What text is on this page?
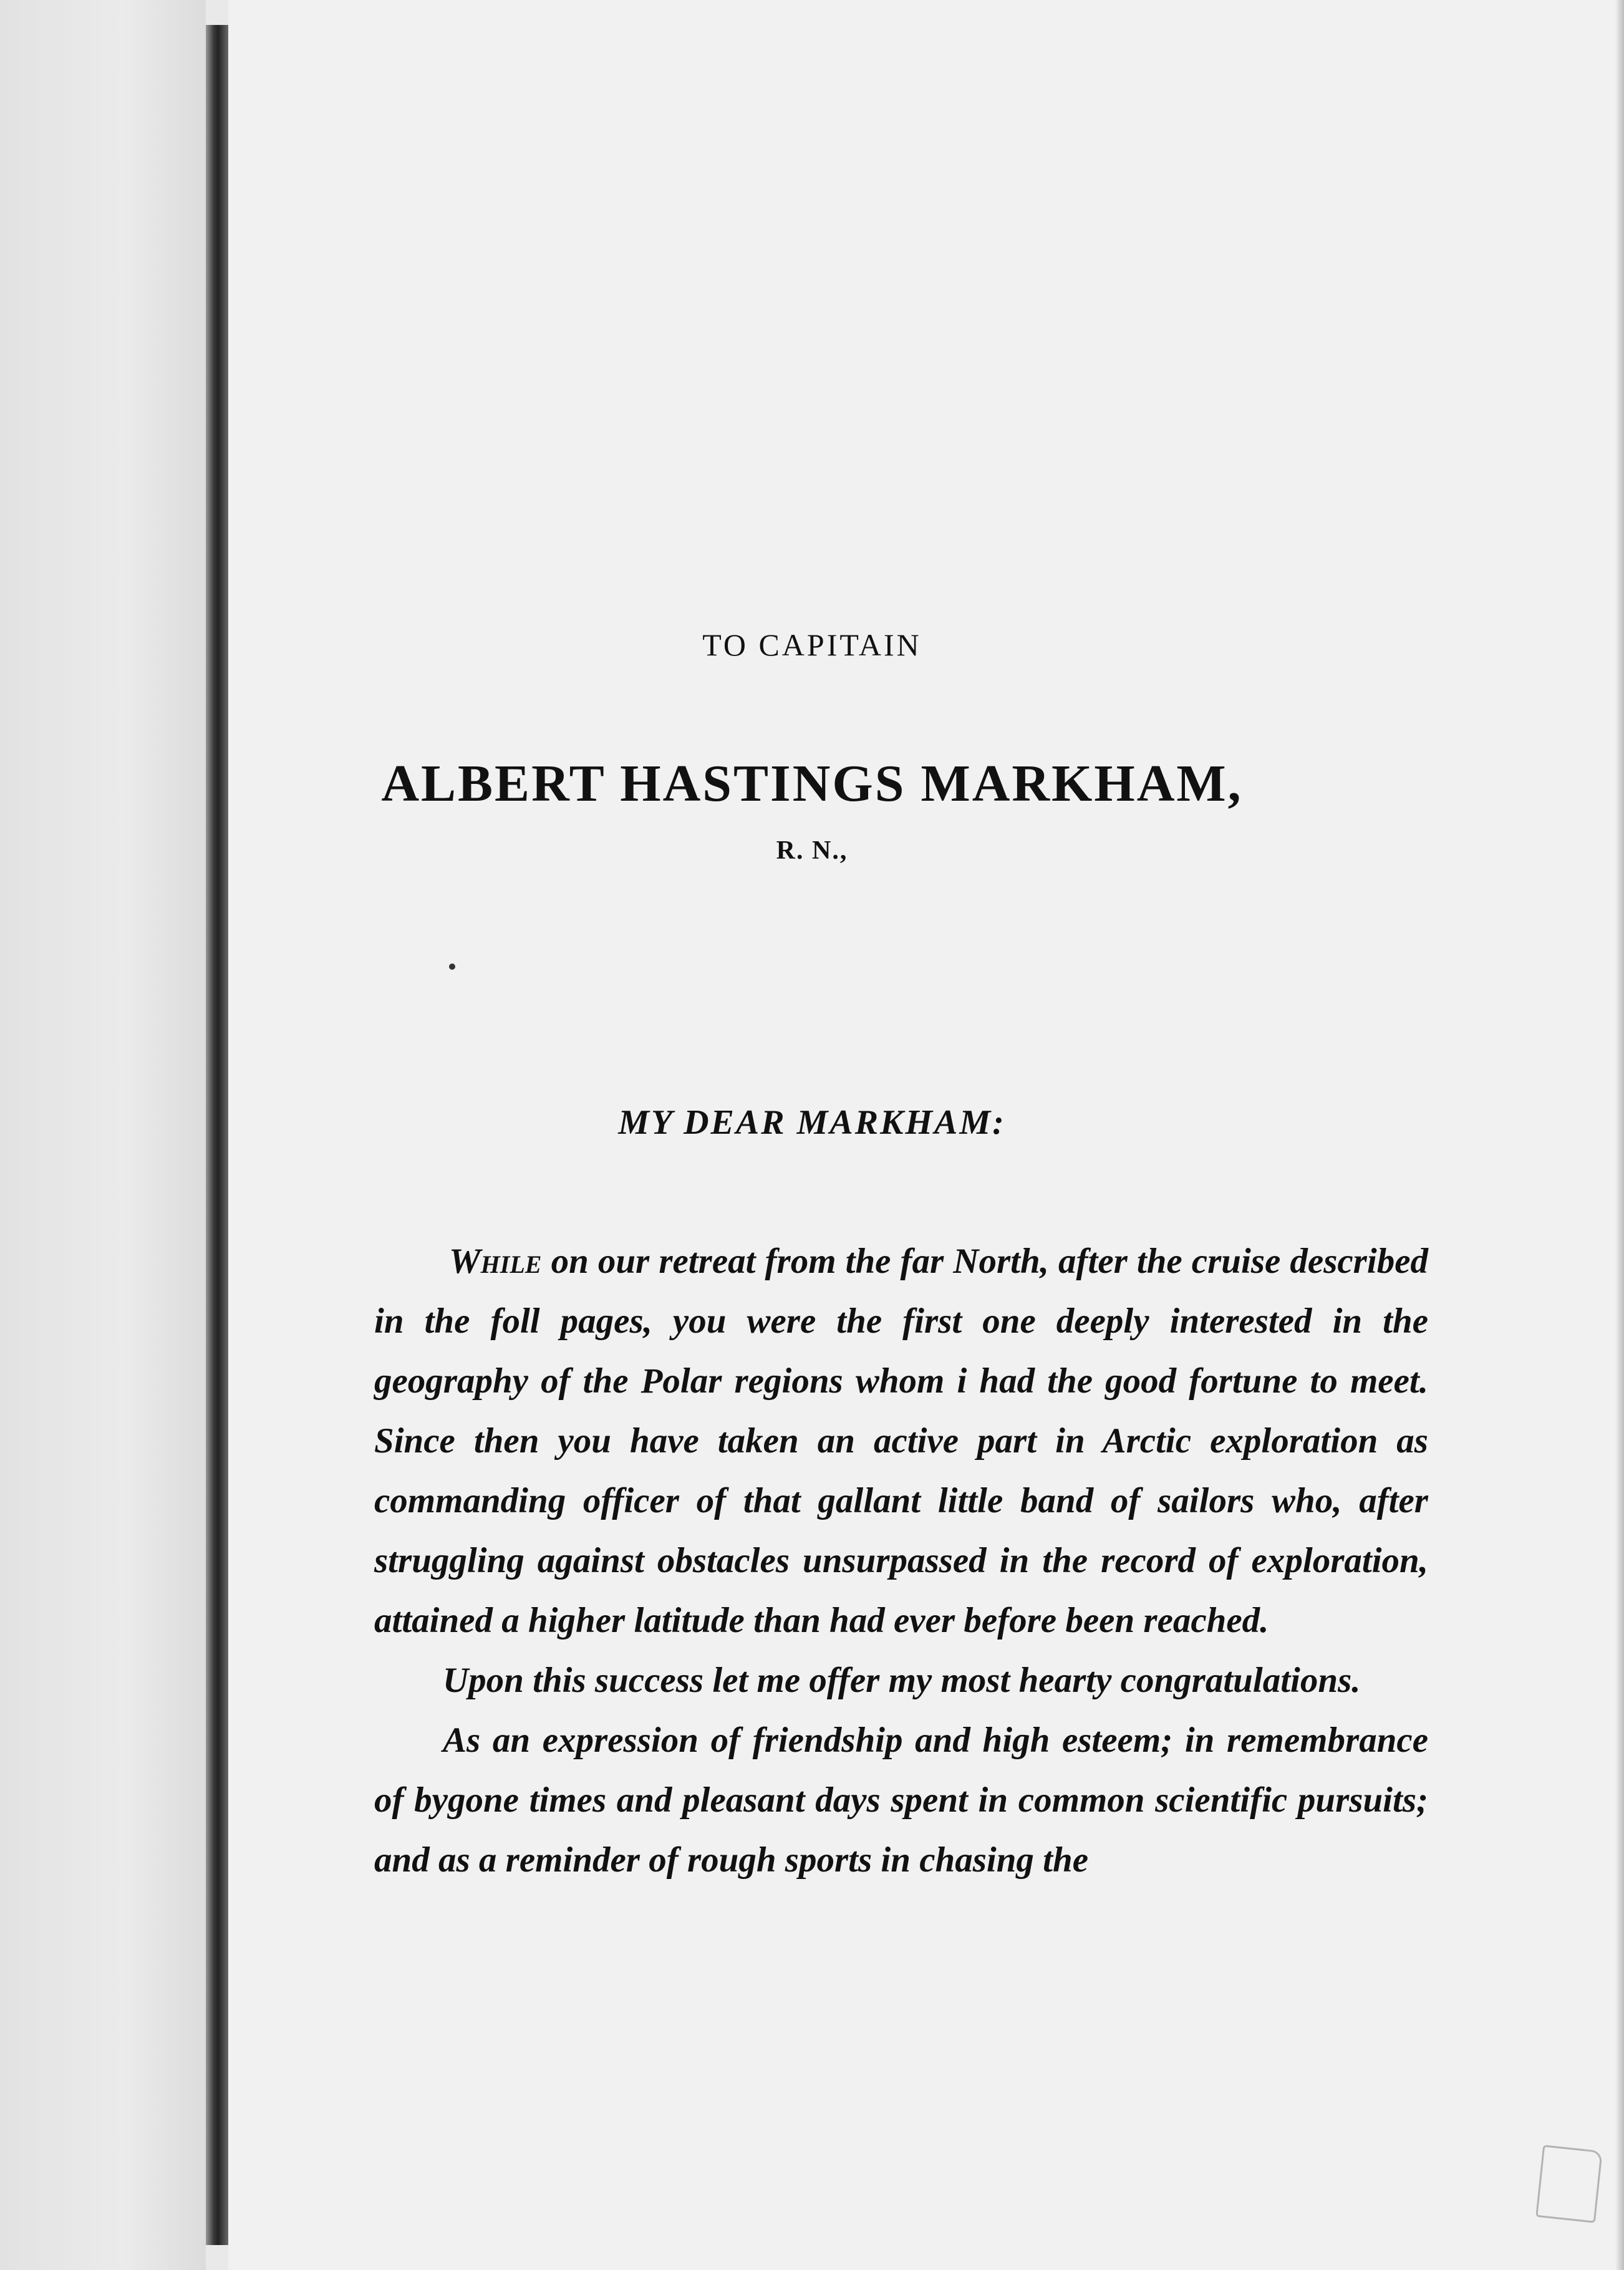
TO CAPITAIN
ALBERT HASTINGS MARKHAM,
R. N.,
MY DEAR MARKHAM:

While on our retreat from the far North, after the cruise described in the foll pages, you were the first one deeply interested in the geography of the Polar regions whom i had the good fortune to meet. Since then you have taken an active part in Arctic exploration as commanding officer of that gallant little band of sailors who, after struggling against obstacles unsurpassed in the record of exploration, attained a higher latitude than had ever before been reached.

Upon this success let me offer my most hearty congratulations.

As an expression of friendship and high esteem; in remembrance of bygone times and pleasant days spent in common scientific pursuits; and as a reminder of rough sports in chasing the
